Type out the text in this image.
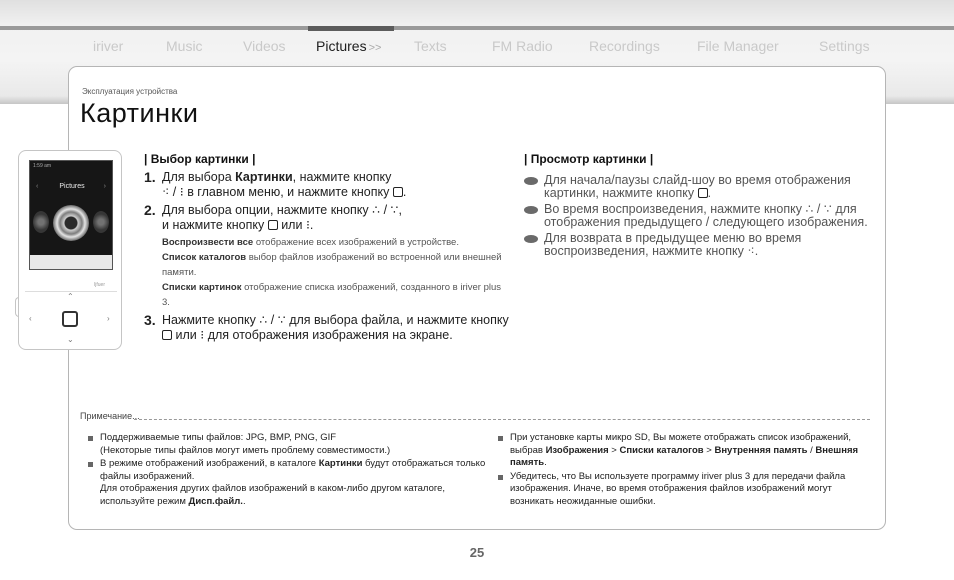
iriver	Music	Videos Pictures >> Texts	FM Radio	Recordings	File Manager	Settings
Эксплуатация устройства
Картинки
1:59 am
‹	Pictures	›
ljfuer
⌃
‹	›
⌄
| Выбор картинки |
1. Для выбора Картинки, нажмите кнопку
⁖ / ⁝ в главном меню, и нажмите кнопку .
2. Для выбора опции, нажмите кнопку ∴ / ∵,
и нажмите кнопку или ⁝.
Воспроизвести все отображение всех изображений в устройстве.
Список каталогов выбор файлов изображений во встроенной или внешней памяти.
Списки картинок отображение списка изображений, созданного в iriver plus 3.
3. Нажмите кнопку ∴ / ∵ для выбора файла, и нажмите кнопку  или ⁝ для отображения изображения на экране.
| Просмотр картинки |
Для начала/паузы слайд-шоу во время отображения картинки, нажмите кнопку .
Во время воспроизведения, нажмите кнопку ∴ / ∵ для отображения предыдущего / следующего изображения.
Для возврата в предыдущее меню во время воспроизведения, нажмите кнопку ⁖.
Примечание...
Поддерживаемые типы файлов: JPG, BMP, PNG, GIF
(Некоторые типы файлов могут иметь проблему совместимости.)
В режиме отображений изображений, в каталоге Картинки будут отображаться только файлы изображений.
Для отображения других файлов изображений в каком-либо другом каталоге, используйте режим Дисп.файл..
При установке карты микро SD, Вы можете отображать список изображений, выбрав Изображения > Списки каталогов > Внутренняя память / Внешняя память.
Убедитесь, что Вы используете программу iriver plus 3 для передачи файла изображения. Иначе, во время отображения файлов изображений могут возникать неожиданные ошибки.
25
